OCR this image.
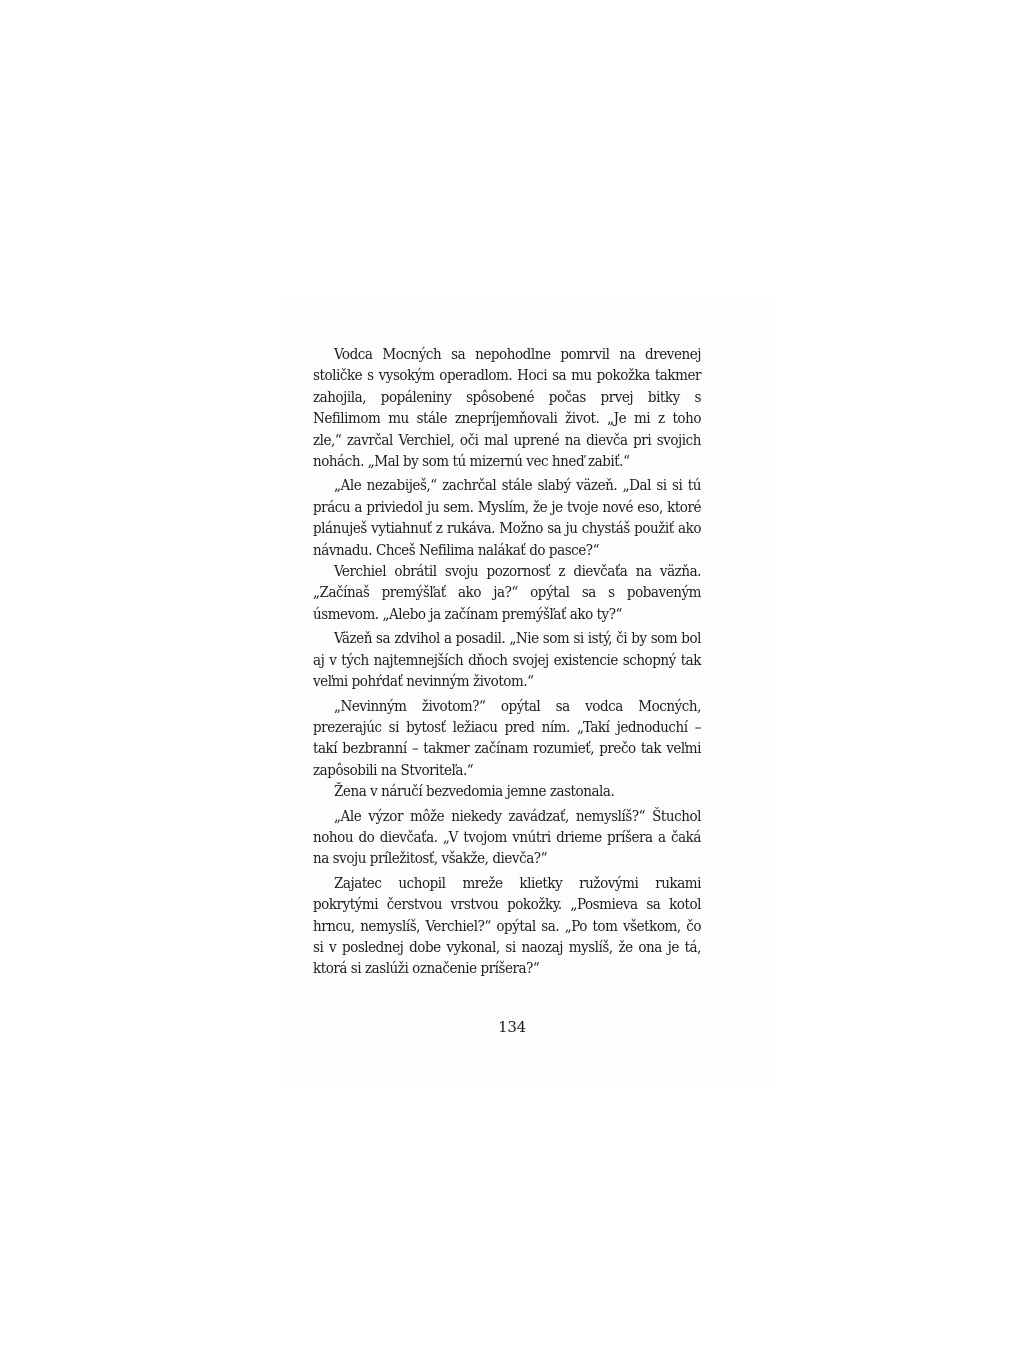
Vodca Mocných sa nepohodlne pomrvil na drevenej stoličke s vysokým operadlom. Hoci sa mu pokožka takmer zahojila, popáleniny spôsobené počas prvej bitky s Nefilimom mu stále znepríjemňovali život. „Je mi z toho zle,“ zavrčal Verchiel, oči mal uprené na dievča pri svojich nohách. „Mal by som tú mizernú vec hneď zabiť.“

„Ale nezabiješ,“ zachrčal stále slabý väzeň. „Dal si si tú prácu a priviedol ju sem. Myslím, že je tvoje nové eso, ktoré plánuješ vytiahnuť z rukáva. Možno sa ju chystáš použiť ako návnadu. Chceš Nefilima nalákať do pasce?“

Verchiel obrátil svoju pozornosť z dievčaťa na väzňa. „Začínaš premýšľať ako ja?“ opýtal sa s pobaveným úsmevom. „Alebo ja začínam premýšľať ako ty?“

Väzeň sa zdvihol a posadil. „Nie som si istý, či by som bol aj v tých najtemnejších dňoch svojej existencie schopný tak veľmi pohŕdať nevinným životom.“

„Nevinným životom?“ opýtal sa vodca Mocných, prezerajúc si bytosť ležiacu pred ním. „Takí jednoduchí – takí bezbranní – takmer začínam rozumieť, prečo tak veľmi zapôsobili na Stvoriteľa.“

Žena v náručí bezvedomia jemne zastonala.

„Ale výzor môže niekedy zavádzať, nemyslíš?“ Štuchol nohou do dievčaťa. „V tvojom vnútri drieme príšera a čaká na svoju príležitosť, všakže, dievča?“

Zajatec uchopil mreže klietky ružovými rukami pokrytými čerstvou vrstvou pokožky. „Posmieva sa kotol hrncu, nemyslíš, Verchiel?“ opýtal sa. „Po tom všetkom, čo si v poslednej dobe vykonal, si naozaj myslíš, že ona je tá, ktorá si zaslúži označenie príšera?“

134
